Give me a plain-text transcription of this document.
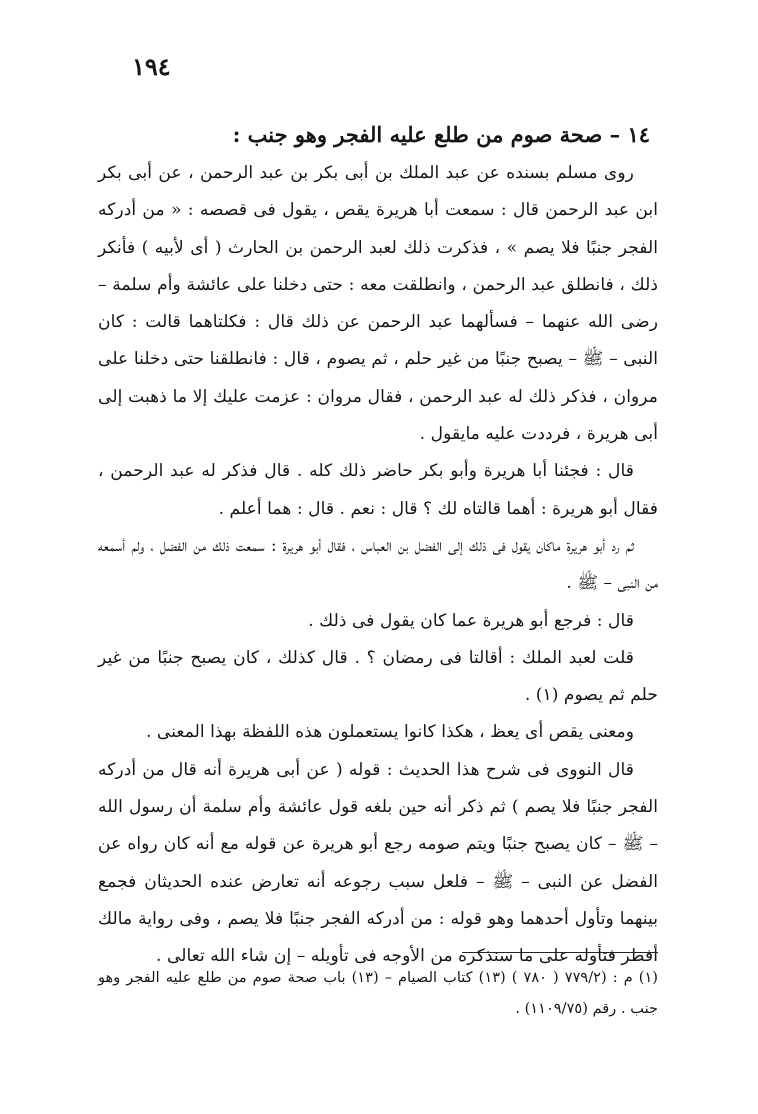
١٩٤
١٤ – صحة صوم من طلع عليه الفجر وهو جنب :

روى مسلم بسنده عن عبد الملك بن أبى بكر بن عبد الرحمن ، عن أبى بكر ابن عبد الرحمن قال : سمعت أبا هريرة يقص ، يقول فى قصصه : « من أدركه الفجر جنبًا فلا يصم » ، فذكرت ذلك لعبد الرحمن بن الحارث ( أى لأبيه ) فأنكر ذلك ، فانطلق عبد الرحمن ، وانطلقت معه : حتى دخلنا على عائشة وأم سلمة – رضى الله عنهما – فسألهما عبد الرحمن عن ذلك قال : فكلتاهما قالت : كان النبى – ﷺ – يصبح جنبًا من غير حلم ، ثم يصوم ، قال : فانطلقنا حتى دخلنا على مروان ، فذكر ذلك له عبد الرحمن ، فقال مروان : عزمت عليك إلا ما ذهبت إلى أبى هريرة ، فرددت عليه مايقول .

قال : فجئنا أبا هريرة وأبو بكر حاضر ذلك كله . قال فذكر له عبد الرحمن ، فقال أبو هريرة : أهما قالتاه لك ؟ قال : نعم . قال : هما أعلم .

ثم رد أبو هريرة ماكان يقول فى ذلك إلى الفضل بن العباس ، فقال أبو هريرة : سمعت ذلك من الفضل ، ولم أسمعه من النبى – ﷺ .

قال : فرجع أبو هريرة عما كان يقول فى ذلك .

قلت لعبد الملك : أقالتا فى رمضان ؟ . قال كذلك ، كان يصبح جنبًا من غير حلم ثم يصوم (١) .

ومعنى يقص أى يعظ ، هكذا كانوا يستعملون هذه اللفظة بهذا المعنى .

قال النووى فى شرح هذا الحديث : قوله ( عن أبى هريرة أنه قال من أدركه الفجر جنبًا فلا يصم ) ثم ذكر أنه حين بلغه قول عائشة وأم سلمة أن رسول الله – ﷺ – كان يصبح جنبًا ويتم صومه رجع أبو هريرة عن قوله مع أنه كان رواه عن الفضل عن النبى – ﷺ – فلعل سبب رجوعه أنه تعارض عنده الحديثان فجمع بينهما وتأول أحدهما وهو قوله : من أدركه الفجر جنبًا فلا يصم ، وفى رواية مالك أفطر فتأوله على ما سنذكره من الأوجه فى تأويله – إن شاء الله تعالى .

(١) م : (٧٧٩/٢ ( ٧٨٠ ) (١٣) كتاب الصيام – (١٣) باب صحة صوم من طلع عليه الفجر وهو جنب . رقم (١١٠٩/٧٥) .
